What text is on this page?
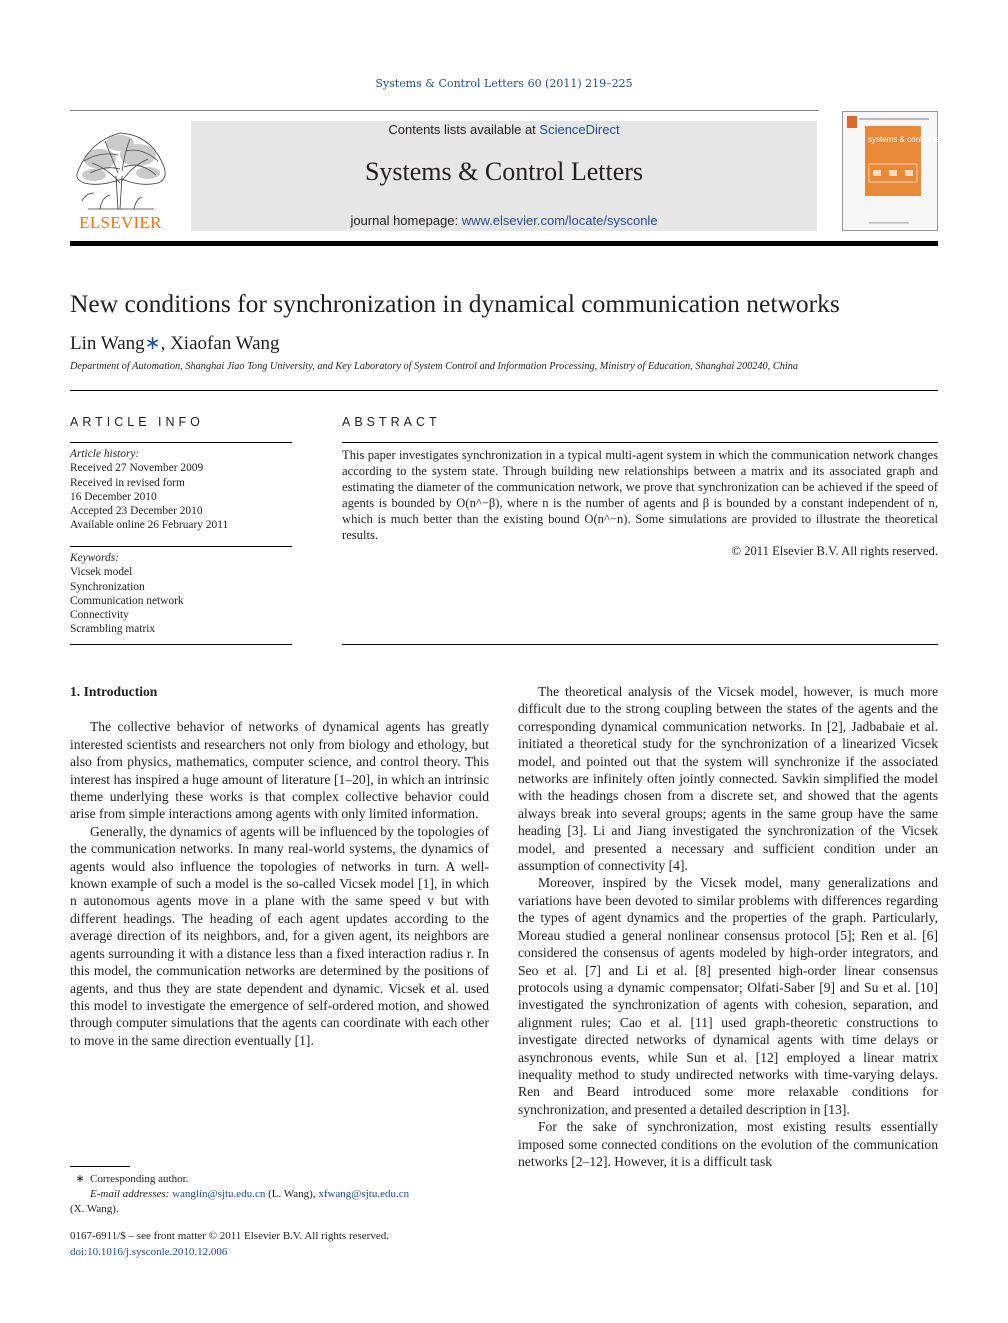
Systems & Control Letters 60 (2011) 219–225
ELSEVIER
Contents lists available at ScienceDirect
Systems & Control Letters
journal homepage: www.elsevier.com/locate/sysconle
systems & control letters
New conditions for synchronization in dynamical communication networks
Lin Wang∗, Xiaofan Wang
Department of Automation, Shanghai Jiao Tong University, and Key Laboratory of System Control and Information Processing, Ministry of Education, Shanghai 200240, China
ARTICLE INFO	ABSTRACT
Article history:
Received 27 November 2009
Received in revised form
16 December 2010
Accepted 23 December 2010
Available online 26 February 2011
Keywords:
Vicsek model
Synchronization
Communication network
Connectivity
Scrambling matrix
This paper investigates synchronization in a typical multi-agent system in which the communication network changes according to the system state. Through building new relationships between a matrix and its associated graph and estimating the diameter of the communication network, we prove that synchronization can be achieved if the speed of agents is bounded by O(n^−β), where n is the number of agents and β is bounded by a constant independent of n, which is much better than the existing bound O(n^−n). Some simulations are provided to illustrate the theoretical results.
© 2011 Elsevier B.V. All rights reserved.
1. Introduction

The collective behavior of networks of dynamical agents has greatly interested scientists and researchers not only from biology and ethology, but also from physics, mathematics, computer science, and control theory. This interest has inspired a huge amount of literature [1–20], in which an intrinsic theme underlying these works is that complex collective behavior could arise from simple interactions among agents with only limited information.

Generally, the dynamics of agents will be influenced by the topologies of the communication networks. In many real-world systems, the dynamics of agents would also influence the topologies of networks in turn. A well-known example of such a model is the so-called Vicsek model [1], in which n autonomous agents move in a plane with the same speed v but with different headings. The heading of each agent updates according to the average direction of its neighbors, and, for a given agent, its neighbors are agents surrounding it with a distance less than a fixed interaction radius r. In this model, the communication networks are determined by the positions of agents, and thus they are state dependent and dynamic. Vicsek et al. used this model to investigate the emergence of self-ordered motion, and showed through computer simulations that the agents can coordinate with each other to move in the same direction eventually [1].

The theoretical analysis of the Vicsek model, however, is much more difficult due to the strong coupling between the states of the agents and the corresponding dynamical communication networks. In [2], Jadbabaie et al. initiated a theoretical study for the synchronization of a linearized Vicsek model, and pointed out that the system will synchronize if the associated networks are infinitely often jointly connected. Savkin simplified the model with the headings chosen from a discrete set, and showed that the agents always break into several groups; agents in the same group have the same heading [3]. Li and Jiang investigated the synchronization of the Vicsek model, and presented a necessary and sufficient condition under an assumption of connectivity [4].

Moreover, inspired by the Vicsek model, many generalizations and variations have been devoted to similar problems with differences regarding the types of agent dynamics and the properties of the graph. Particularly, Moreau studied a general nonlinear consensus protocol [5]; Ren et al. [6] considered the consensus of agents modeled by high-order integrators, and Seo et al. [7] and Li et al. [8] presented high-order linear consensus protocols using a dynamic compensator; Olfati-Saber [9] and Su et al. [10] investigated the synchronization of agents with cohesion, separation, and alignment rules; Cao et al. [11] used graph-theoretic constructions to investigate directed networks of dynamical agents with time delays or asynchronous events, while Sun et al. [12] employed a linear matrix inequality method to study undirected networks with time-varying delays. Ren and Beard introduced some more relaxable conditions for synchronization, and presented a detailed description in [13].

For the sake of synchronization, most existing results essentially imposed some connected conditions on the evolution of the communication networks [2–12]. However, it is a difficult task

∗ Corresponding author.
E-mail addresses: wanglin@sjtu.edu.cn (L. Wang), xfwang@sjtu.edu.cn
(X. Wang).
0167-6911/$ – see front matter © 2011 Elsevier B.V. All rights reserved.
doi:10.1016/j.sysconle.2010.12.006
